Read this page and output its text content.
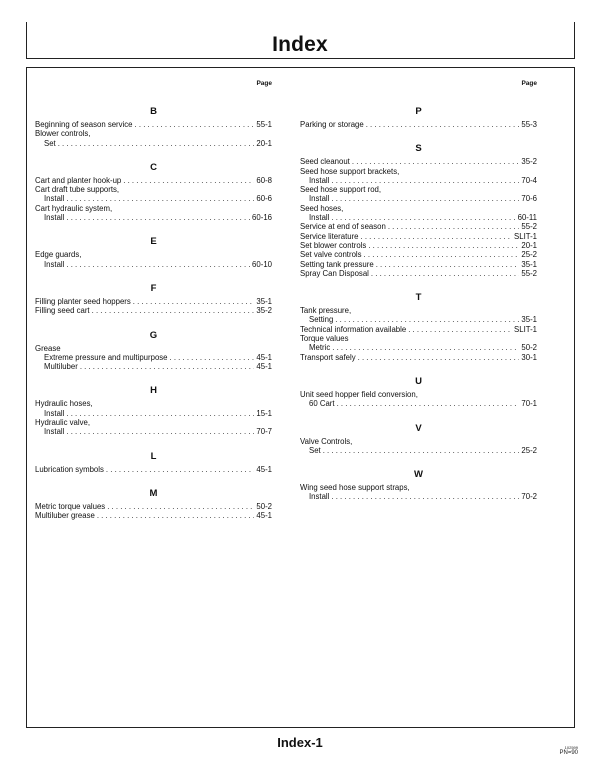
Index
Page
B
Beginning of season service . . .	55-1
Blower controls,
Set . . .	20-1
C
Cart and planter hook-up . . .	60-8
Cart draft tube supports,
Install . . .	60-6
Cart hydraulic system,
Install . . .	60-16
E
Edge guards,
Install . . .	60-10
F
Filling planter seed hoppers . . .	35-1
Filling seed cart . . .	35-2
G
Grease
Extreme pressure and multipurpose . . .	45-1
Multiluber . . .	45-1
H
Hydraulic hoses,
Install . . .	15-1
Hydraulic valve,
Install . . .	70-7
L
Lubrication symbols . . .	45-1
M
Metric torque values . . .	50-2
Multiluber grease . . .	45-1
Page
P
Parking or storage . . .	55-3
S
Seed cleanout . . .	35-2
Seed hose support brackets,
Install . . .	70-4
Seed hose support rod,
Install . . .	70-6
Seed hoses,
Install . . .	60-11
Service at end of season . . .	55-2
Service literature . . .	SLIT-1
Set blower controls . . .	20-1
Set valve controls . . .	25-2
Setting tank pressure . . .	35-1
Spray Can Disposal . . .	55-2
T
Tank pressure,
Setting . . .	35-1
Technical information available . . .	SLIT-1
Torque values
Metric . . .	50-2
Transport safely . . .	30-1
U
Unit seed hopper field conversion,
60 Cart . . .	70-1
V
Valve Controls,
Set . . .	25-2
W
Wing seed hose support straps,
Install . . .	70-2
Index-1	102599
PN=90
